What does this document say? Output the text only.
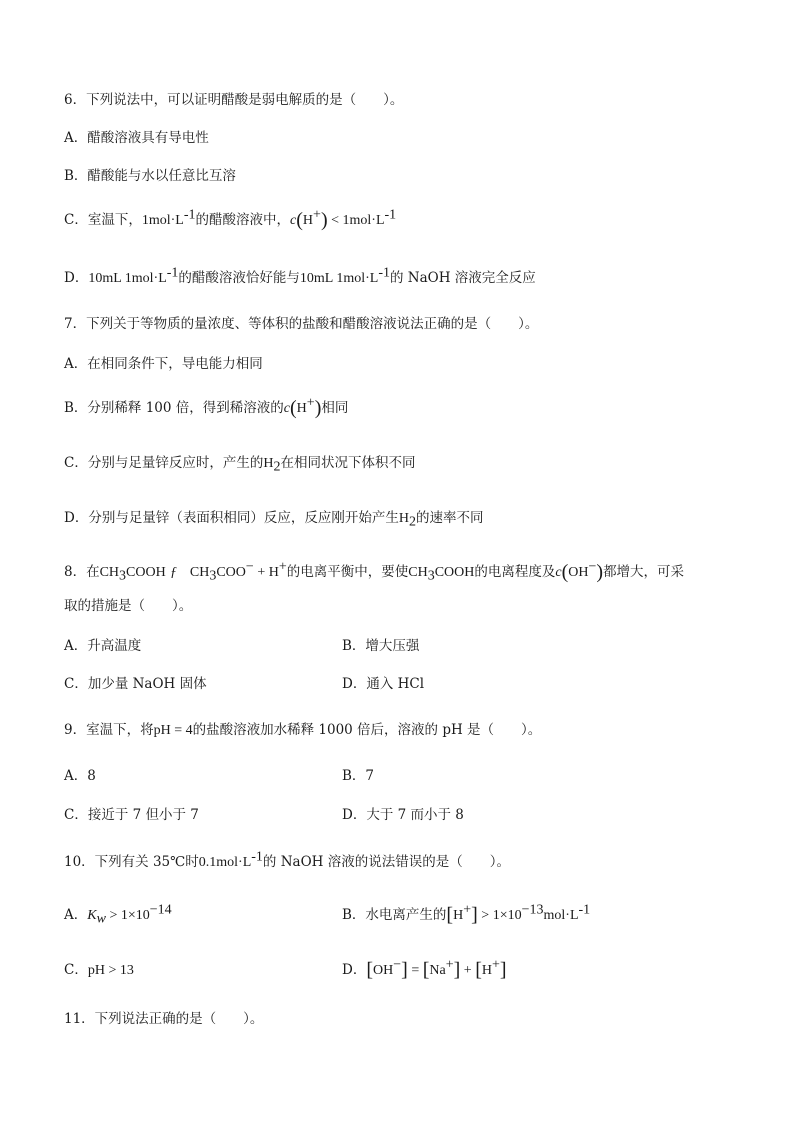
6．下列说法中，可以证明醋酸是弱电解质的是（　　）。
A．醋酸溶液具有导电性
B．醋酸能与水以任意比互溶
C．室温下，$1mol\cdot L^{-1}$的醋酸溶液中，$c(H^+) < 1mol\cdot L^{-1}$
D．10mL $1mol\cdot L^{-1}$的醋酸溶液恰好能与10mL $1mol\cdot L^{-1}$的 NaOH 溶液完全反应
7．下列关于等物质的量浓度、等体积的盐酸和醋酸溶液说法正确的是（　　）。
A．在相同条件下，导电能力相同
B．分别稀释 100 倍，得到稀溶液的c(H+)相同
C．分别与足量锌反应时，产生的$H_2$在相同状况下体积不同
D．分别与足量锌（表面积相同）反应，反应刚开始产生$H_2$的速率不同
8．在$CH_3COOH$ ƒ $CH_3COO^- + H^+$的电离平衡中，要使$CH_3COOH$的电离程度及c(OH−)都增大，可采
取的措施是（　　）。
A．升高温度	B．增大压强
C．加少量 NaOH 固体	D．通入 HCl
9．室温下，将pH = 4的盐酸溶液加水稀释 1000 倍后，溶液的 pH 是（　　）。
A．8	B．7
C．接近于 7 但小于 7	D．大于 7 而小于 8
10．下列有关 35℃时$0.1mol\cdot L^{-1}$的 NaOH 溶液的说法错误的是（　　）。
A．$K_w > 1\times 10^{-14}$	B．水电离产生的$[H^+] > 1\times 10^{-13}mol\cdot L^{-1}$
C．pH > 13	D．[OH−] = [Na+] + [H+]
11．下列说法正确的是（　　）。
